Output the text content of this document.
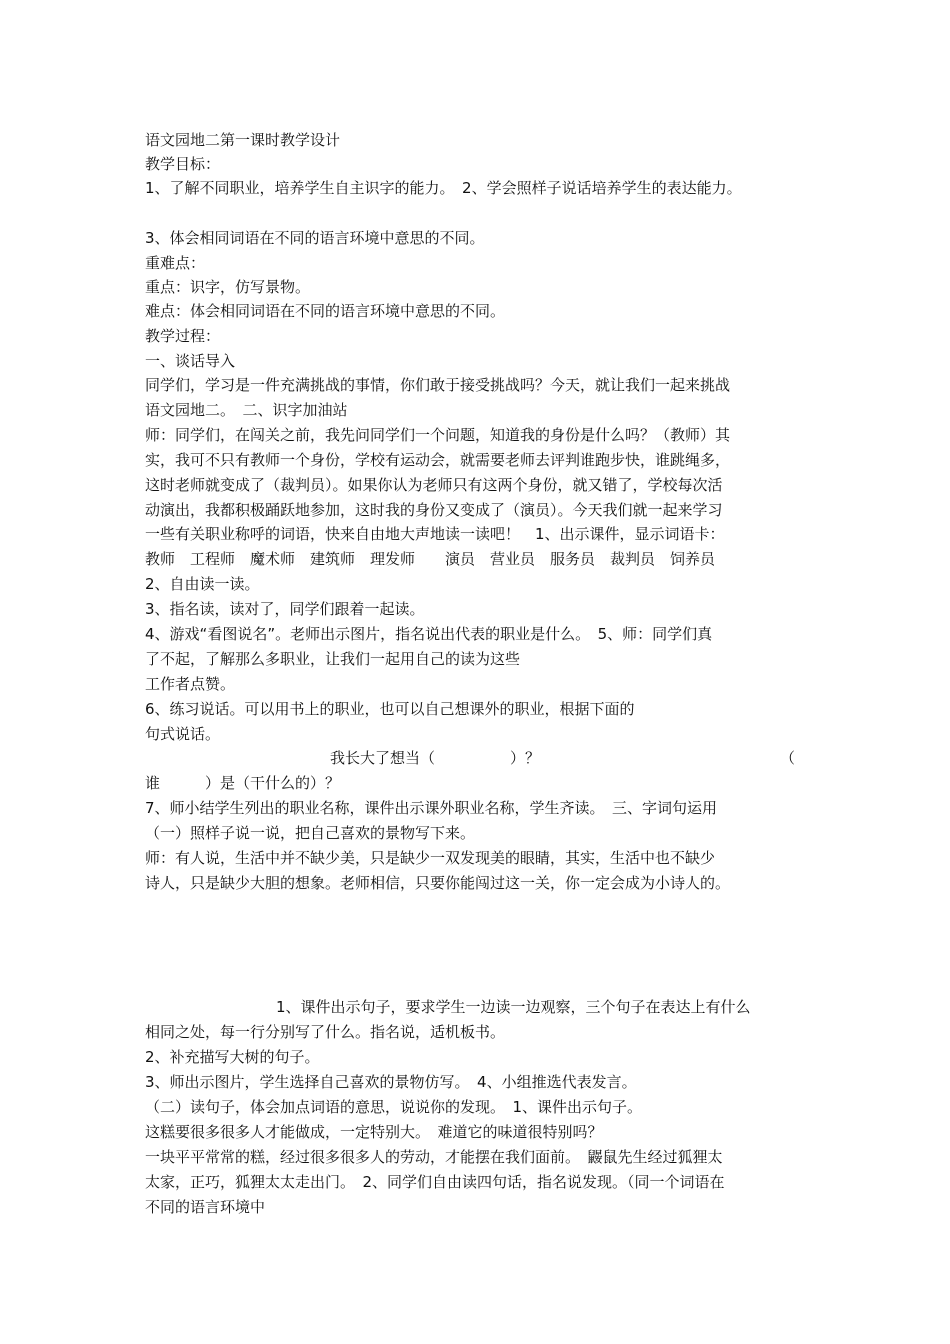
语文园地二第一课时教学设计

教学目标：

1、了解不同职业，培养学生自主识字的能力。　2、学会照样子说话培养学生的表达能力。

3、体会相同词语在不同的语言环境中意思的不同。

重难点：

重点：识字，仿写景物。

难点：体会相同词语在不同的语言环境中意思的不同。

教学过程：

一、谈话导入

同学们，学习是一件充满挑战的事情，你们敢于接受挑战吗？今天，就让我们一起来挑战

语文园地二。　二、识字加油站

师：同学们，在闯关之前，我先问同学们一个问题，知道我的身份是什么吗？（教师）其

实，我可不只有教师一个身份，学校有运动会，就需要老师去评判谁跑步快，谁跳绳多，

这时老师就变成了（裁判员）。如果你认为老师只有这两个身份，就又错了，学校每次活

动演出，我都积极踊跃地参加，这时我的身份又变成了（演员）。今天我们就一起来学习

一些有关职业称呼的词语，快来自由地大声地读一读吧！　1、出示课件，显示词语卡：

教师　工程师　魔术师　建筑师　理发师　　演员　营业员　服务员　裁判员　饲养员

2、自由读一读。

3、指名读，读对了，同学们跟着一起读。

4、游戏“看图说名”。老师出示图片，指名说出代表的职业是什么。　5、师：同学们真

了不起，了解那么多职业，让我们一起用自己的读为这些

工作者点赞。

6、练习说话。可以用书上的职业，也可以自己想课外的职业，根据下面的

句式说话。

我长大了想当（　　　　　）？	（

谁　　　）是（干什么的）？

7、师小结学生列出的职业名称，课件出示课外职业名称，学生齐读。　三、字词句运用

（一）照样子说一说，把自己喜欢的景物写下来。

师：有人说，生活中并不缺少美，只是缺少一双发现美的眼睛，其实，生活中也不缺少

诗人，只是缺少大胆的想象。老师相信，只要你能闯过这一关，你一定会成为小诗人的。

1、课件出示句子，要求学生一边读一边观察，三个句子在表达上有什么

相同之处，每一行分别写了什么。指名说，适机板书。

2、补充描写大树的句子。

3、师出示图片，学生选择自己喜欢的景物仿写。　4、小组推选代表发言。

（二）读句子，体会加点词语的意思，说说你的发现。　1、课件出示句子。

这糕要很多很多人才能做成，一定特别大。　难道它的味道很特别吗？

一块平平常常的糕，经过很多很多人的劳动，才能摆在我们面前。　鼹鼠先生经过狐狸太

太家，正巧，狐狸太太走出门。　2、同学们自由读四句话，指名说发现。（同一个词语在

不同的语言环境中
